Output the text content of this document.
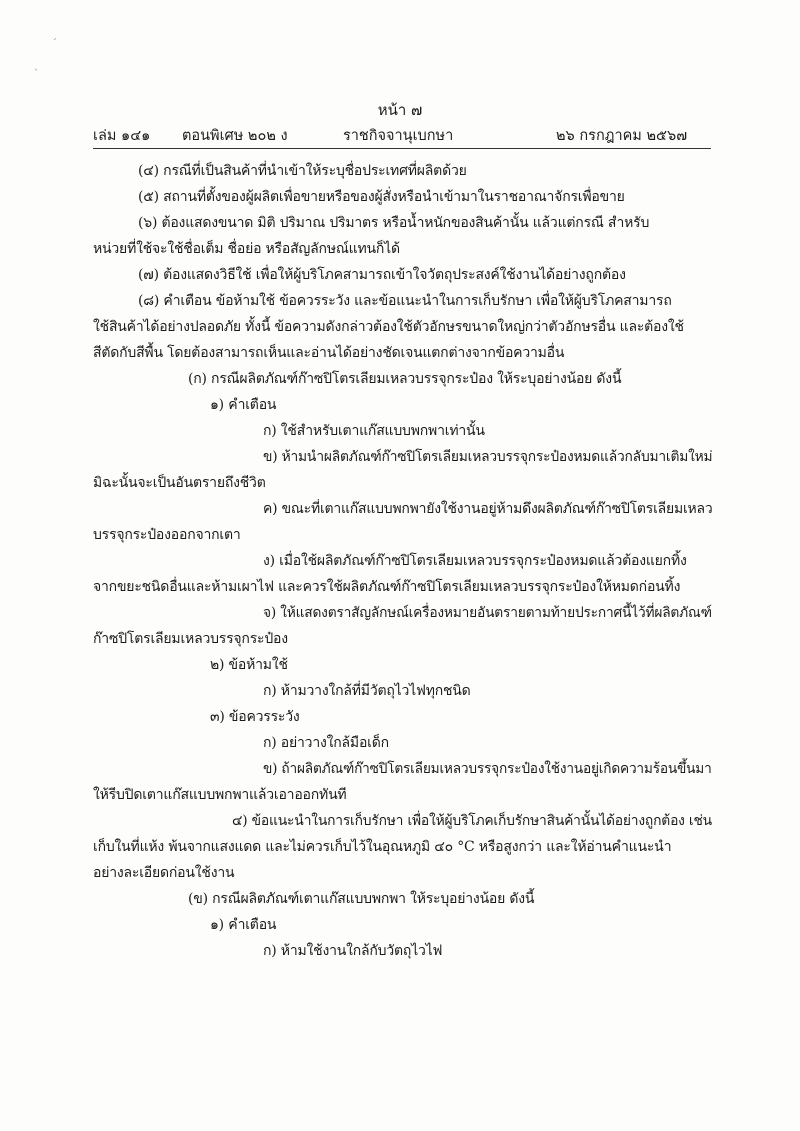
ˊ
ˎ
หน้า ๗
เล่ม ๑๔๑ ตอนพิเศษ ๒๐๒ ง	ราชกิจจานุเบกษา	๒๖ กรกฎาคม ๒๕๖๗
(๔) กรณีที่เป็นสินค้าที่นำเข้าให้ระบุชื่อประเทศที่ผลิตด้วย
(๕) สถานที่ตั้งของผู้ผลิตเพื่อขายหรือของผู้สั่งหรือนำเข้ามาในราชอาณาจักรเพื่อขาย
(๖) ต้องแสดงขนาด มิติ ปริมาณ ปริมาตร หรือน้ำหนักของสินค้านั้น แล้วแต่กรณี สำหรับ
หน่วยที่ใช้จะใช้ชื่อเต็ม ชื่อย่อ หรือสัญลักษณ์แทนก็ได้
(๗) ต้องแสดงวิธีใช้ เพื่อให้ผู้บริโภคสามารถเข้าใจวัตถุประสงค์ใช้งานได้อย่างถูกต้อง
(๘) คำเตือน ข้อห้ามใช้ ข้อควรระวัง และข้อแนะนำในการเก็บรักษา เพื่อให้ผู้บริโภคสามารถ
ใช้สินค้าได้อย่างปลอดภัย ทั้งนี้ ข้อความดังกล่าวต้องใช้ตัวอักษรขนาดใหญ่กว่าตัวอักษรอื่น และต้องใช้
สีตัดกับสีพื้น โดยต้องสามารถเห็นและอ่านได้อย่างชัดเจนแตกต่างจากข้อความอื่น
(ก) กรณีผลิตภัณฑ์ก๊าซปิโตรเลียมเหลวบรรจุกระป๋อง ให้ระบุอย่างน้อย ดังนี้
๑) คำเตือน
ก) ใช้สำหรับเตาแก๊สแบบพกพาเท่านั้น
ข) ห้ามนำผลิตภัณฑ์ก๊าซปิโตรเลียมเหลวบรรจุกระป๋องหมดแล้วกลับมาเติมใหม่
มิฉะนั้นจะเป็นอันตรายถึงชีวิต
ค) ขณะที่เตาแก๊สแบบพกพายังใช้งานอยู่ห้ามดึงผลิตภัณฑ์ก๊าซปิโตรเลียมเหลว
บรรจุกระป๋องออกจากเตา
ง) เมื่อใช้ผลิตภัณฑ์ก๊าซปิโตรเลียมเหลวบรรจุกระป๋องหมดแล้วต้องแยกทิ้ง
จากขยะชนิดอื่นและห้ามเผาไฟ และควรใช้ผลิตภัณฑ์ก๊าซปิโตรเลียมเหลวบรรจุกระป๋องให้หมดก่อนทิ้ง
จ) ให้แสดงตราสัญลักษณ์เครื่องหมายอันตรายตามท้ายประกาศนี้ไว้ที่ผลิตภัณฑ์
ก๊าซปิโตรเลียมเหลวบรรจุกระป๋อง
๒) ข้อห้ามใช้
ก) ห้ามวางใกล้ที่มีวัตถุไวไฟทุกชนิด
๓) ข้อควรระวัง
ก) อย่าวางใกล้มือเด็ก
ข) ถ้าผลิตภัณฑ์ก๊าซปิโตรเลียมเหลวบรรจุกระป๋องใช้งานอยู่เกิดความร้อนขึ้นมา
ให้รีบปิดเตาแก๊สแบบพกพาแล้วเอาออกทันที
๔) ข้อแนะนำในการเก็บรักษา เพื่อให้ผู้บริโภคเก็บรักษาสินค้านั้นได้อย่างถูกต้อง เช่น
เก็บในที่แห้ง พ้นจากแสงแดด และไม่ควรเก็บไว้ในอุณหภูมิ ๔๐ °C หรือสูงกว่า และให้อ่านคำแนะนำ
อย่างละเอียดก่อนใช้งาน
(ข) กรณีผลิตภัณฑ์เตาแก๊สแบบพกพา ให้ระบุอย่างน้อย ดังนี้
๑) คำเตือน
ก) ห้ามใช้งานใกล้กับวัตถุไวไฟ
